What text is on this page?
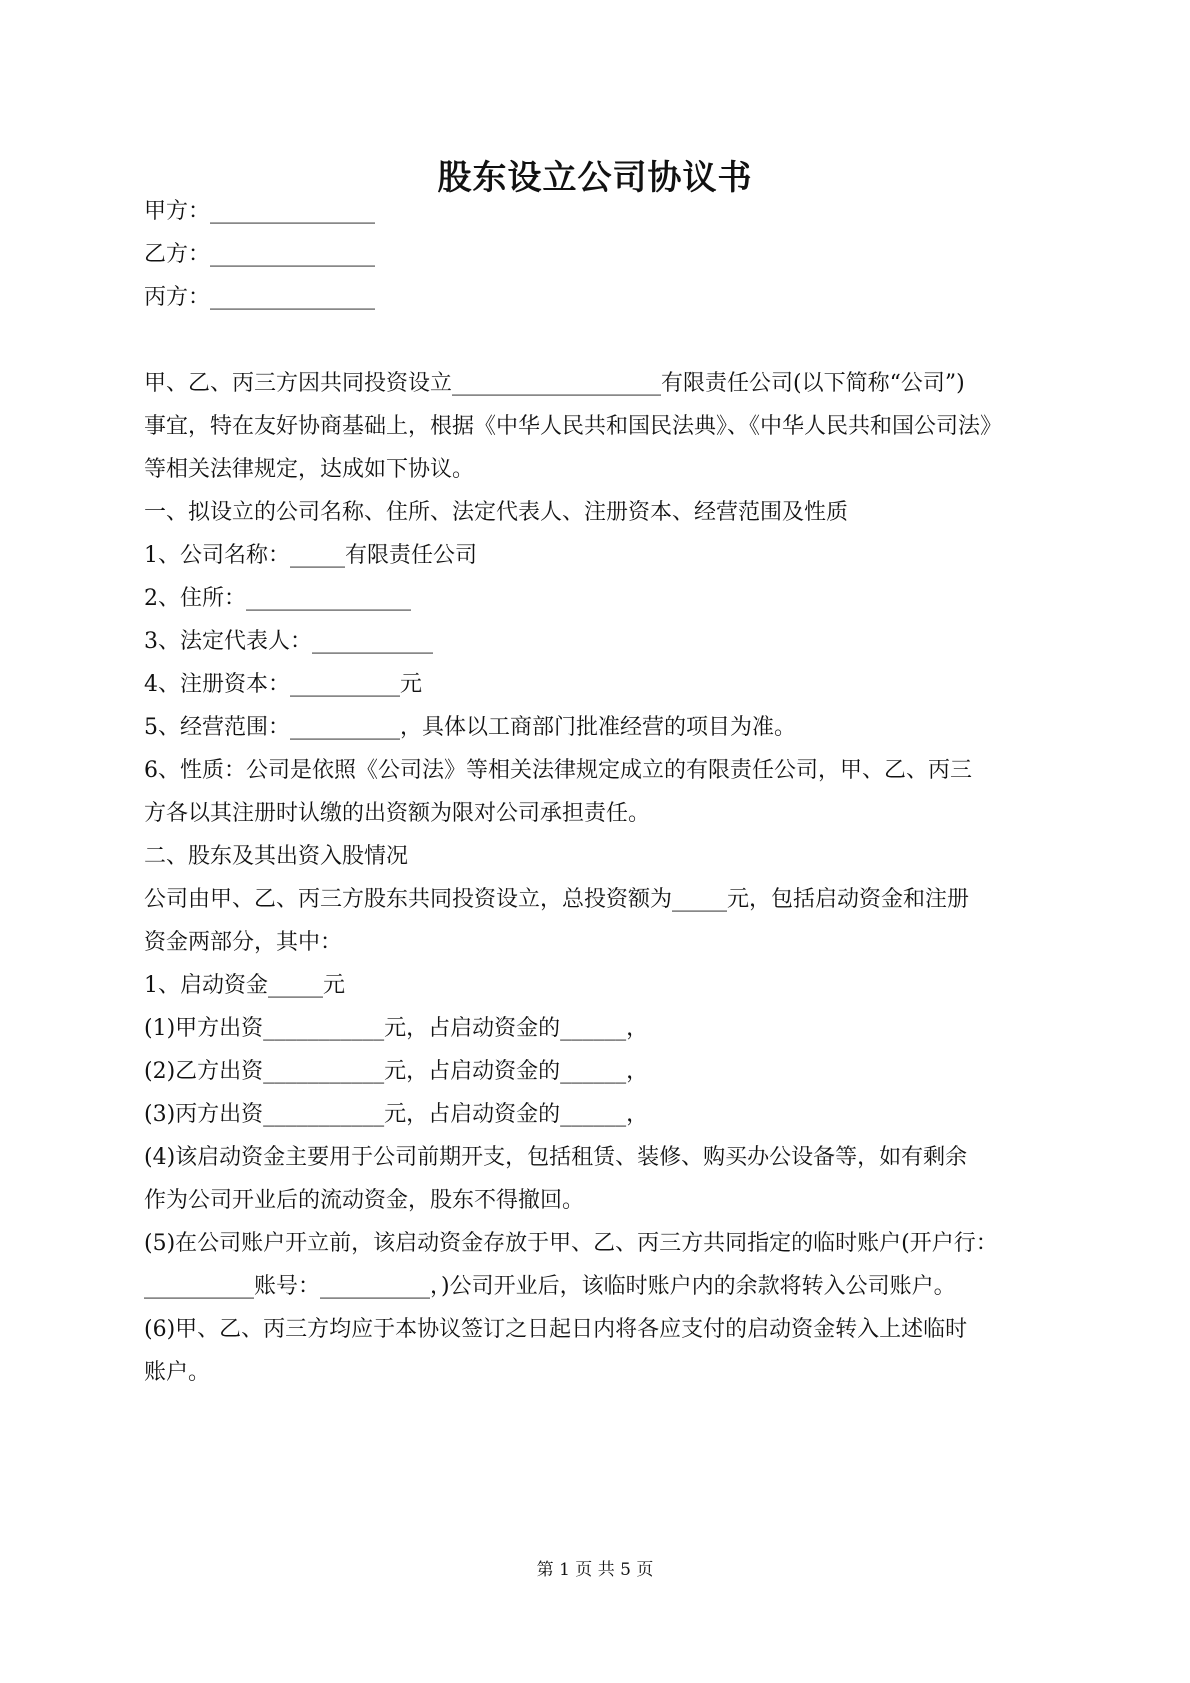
股东设立公司协议书
甲方：_______________
乙方：_______________
丙方：_______________
甲、乙、丙三方因共同投资设立___________________有限责任公司(以下简称“公司”)
事宜，特在友好协商基础上，根据《中华人民共和国民法典》、《中华人民共和国公司法》
等相关法律规定，达成如下协议。
一、拟设立的公司名称、住所、法定代表人、注册资本、经营范围及性质
1、公司名称：_____有限责任公司
2、住所：_______________
3、法定代表人：___________
4、注册资本：__________元
5、经营范围：__________，具体以工商部门批准经营的项目为准。
6、性质：公司是依照《公司法》等相关法律规定成立的有限责任公司，甲、乙、丙三
方各以其注册时认缴的出资额为限对公司承担责任。
二、股东及其出资入股情况
公司由甲、乙、丙三方股东共同投资设立，总投资额为_____元，包括启动资金和注册
资金两部分，其中：
1、启动资金_____元
(1)甲方出资___________元，占启动资金的______，
(2)乙方出资___________元，占启动资金的______，
(3)丙方出资___________元，占启动资金的______，
(4)该启动资金主要用于公司前期开支，包括租赁、装修、购买办公设备等，如有剩余
作为公司开业后的流动资金，股东不得撤回。
(5)在公司账户开立前，该启动资金存放于甲、乙、丙三方共同指定的临时账户(开户行：
__________账号：__________，)公司开业后，该临时账户内的余款将转入公司账户。
(6)甲、乙、丙三方均应于本协议签订之日起日内将各应支付的启动资金转入上述临时
账户。
第 1 页 共 5 页
